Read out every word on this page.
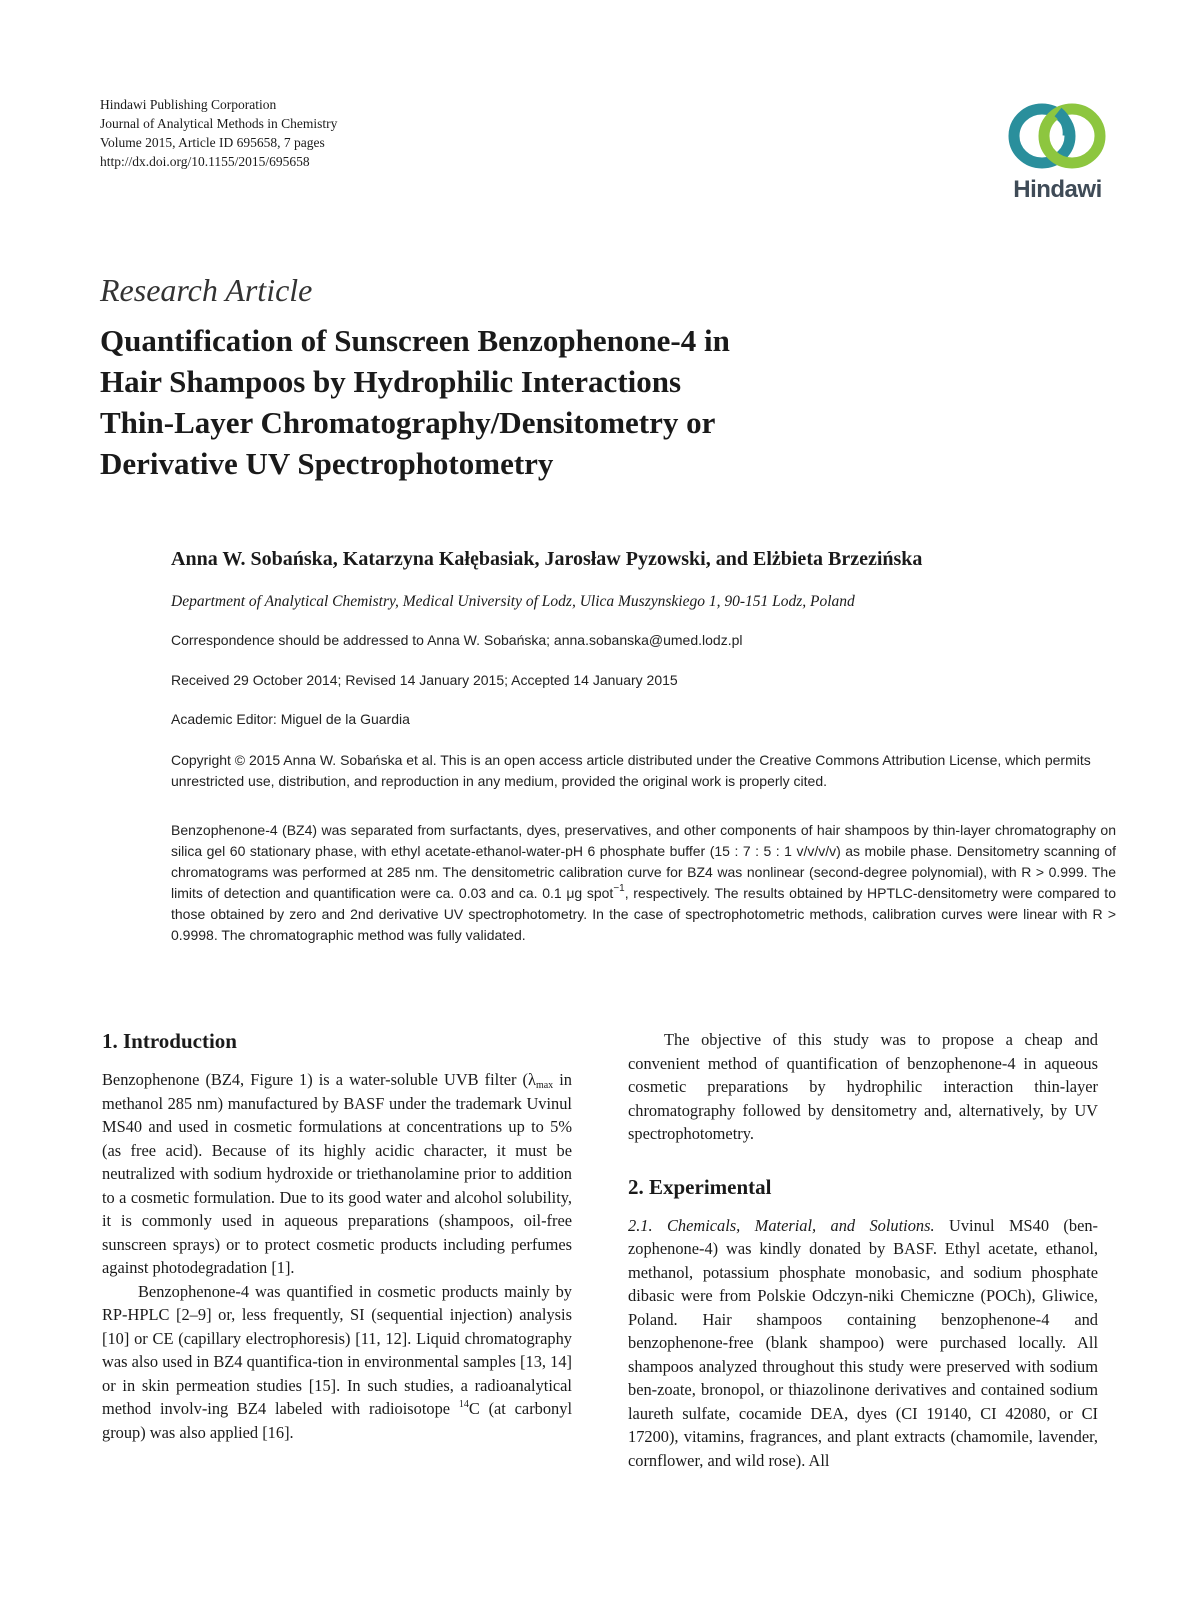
Hindawi Publishing Corporation
Journal of Analytical Methods in Chemistry
Volume 2015, Article ID 695658, 7 pages
http://dx.doi.org/10.1155/2015/695658
Hindawi
Research Article
Quantification of Sunscreen Benzophenone-4 in
Hair Shampoos by Hydrophilic Interactions
Thin-Layer Chromatography/Densitometry or
Derivative UV Spectrophotometry
Anna W. Sobańska, Katarzyna Kałębasiak, Jarosław Pyzowski, and Elżbieta Brzezińska
Department of Analytical Chemistry, Medical University of Lodz, Ulica Muszynskiego 1, 90-151 Lodz, Poland
Correspondence should be addressed to Anna W. Sobańska; anna.sobanska@umed.lodz.pl
Received 29 October 2014; Revised 14 January 2015; Accepted 14 January 2015
Academic Editor: Miguel de la Guardia
Copyright © 2015 Anna W. Sobańska et al. This is an open access article distributed under the Creative Commons Attribution License, which permits unrestricted use, distribution, and reproduction in any medium, provided the original work is properly cited.
Benzophenone-4 (BZ4) was separated from surfactants, dyes, preservatives, and other components of hair shampoos by thin-layer chromatography on silica gel 60 stationary phase, with ethyl acetate-ethanol-water-pH 6 phosphate buffer (15 : 7 : 5 : 1 v/v/v/v) as mobile phase. Densitometry scanning of chromatograms was performed at 285 nm. The densitometric calibration curve for BZ4 was nonlinear (second-degree polynomial), with R > 0.999. The limits of detection and quantification were ca. 0.03 and ca. 0.1 μg spot$^{-1}$, respectively. The results obtained by HPTLC-densitometry were compared to those obtained by zero and 2nd derivative UV spectrophotometry. In the case of spectrophotometric methods, calibration curves were linear with R > 0.9998. The chromatographic method was fully validated.
1. Introduction

Benzophenone (BZ4, Figure 1) is a water-soluble UVB filter ($\lambda_{max}$ in methanol 285 nm) manufactured by BASF under the trademark Uvinul MS40 and used in cosmetic formulations at concentrations up to 5% (as free acid). Because of its highly acidic character, it must be neutralized with sodium hydroxide or triethanolamine prior to addition to a cosmetic formulation. Due to its good water and alcohol solubility, it is commonly used in aqueous preparations (shampoos, oil-free sunscreen sprays) or to protect cosmetic products including perfumes against photodegradation [1].

Benzophenone-4 was quantified in cosmetic products mainly by RP-HPLC [2–9] or, less frequently, SI (sequential injection) analysis [10] or CE (capillary electrophoresis) [11, 12]. Liquid chromatography was also used in BZ4 quantifica-tion in environmental samples [13, 14] or in skin permeation studies [15]. In such studies, a radioanalytical method involv-ing BZ4 labeled with radioisotope $^{14}$C (at carbonyl group) was also applied [16].

The objective of this study was to propose a cheap and convenient method of quantification of benzophenone-4 in aqueous cosmetic preparations by hydrophilic interaction thin-layer chromatography followed by densitometry and, alternatively, by UV spectrophotometry.

2. Experimental

2.1. Chemicals, Material, and Solutions. Uvinul MS40 (ben-zophenone-4) was kindly donated by BASF. Ethyl acetate, ethanol, methanol, potassium phosphate monobasic, and sodium phosphate dibasic were from Polskie Odczyn-niki Chemiczne (POCh), Gliwice, Poland. Hair shampoos containing benzophenone-4 and benzophenone-free (blank shampoo) were purchased locally. All shampoos analyzed throughout this study were preserved with sodium ben-zoate, bronopol, or thiazolinone derivatives and contained sodium laureth sulfate, cocamide DEA, dyes (CI 19140, CI 42080, or CI 17200), vitamins, fragrances, and plant extracts (chamomile, lavender, cornflower, and wild rose). All
